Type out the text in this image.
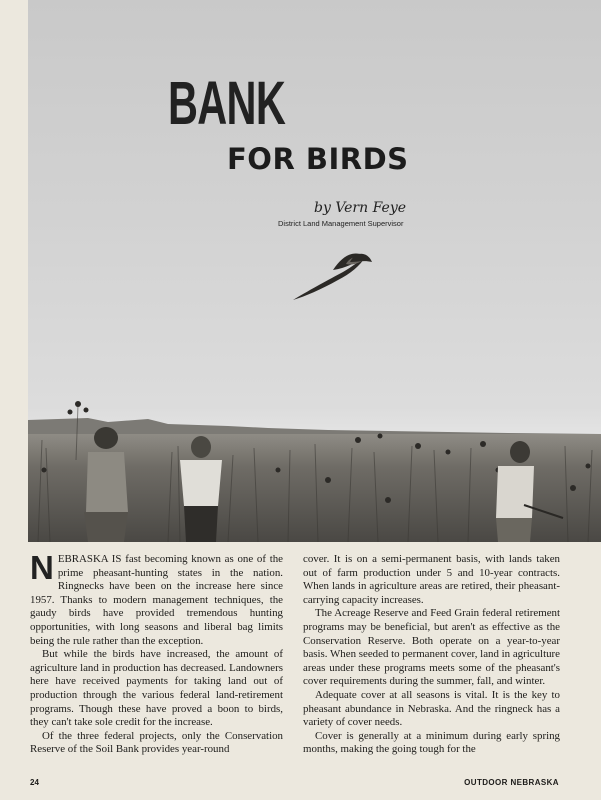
BANK
FOR BIRDS
by Vern Feye
District Land Management Supervisor

NEBRASKA IS fast becoming known as one of the prime pheasant-hunting states in the nation. Ringnecks have been on the increase here since 1957. Thanks to modern management techniques, the gaudy birds have provided tremendous hunting opportunities, with long seasons and liberal bag limits being the rule rather than the exception.

But while the birds have increased, the amount of agriculture land in production has decreased. Landowners here have received payments for taking land out of production through the various federal land-retirement programs. Though these have proved a boon to birds, they can't take sole credit for the increase.

Of the three federal projects, only the Conservation Reserve of the Soil Bank provides year-round

cover. It is on a semi-permanent basis, with lands taken out of farm production under 5 and 10-year contracts. When lands in agriculture areas are retired, their pheasant-carrying capacity increases.

The Acreage Reserve and Feed Grain federal retirement programs may be beneficial, but aren't as effective as the Conservation Reserve. Both operate on a year-to-year basis. When seeded to permanent cover, land in agriculture areas under these programs meets some of the pheasant's cover requirements during the summer, fall, and winter.

Adequate cover at all seasons is vital. It is the key to pheasant abundance in Nebraska. And the ringneck has a variety of cover needs.

Cover is generally at a minimum during early spring months, making the going tough for the

24	OUTDOOR NEBRASKA
